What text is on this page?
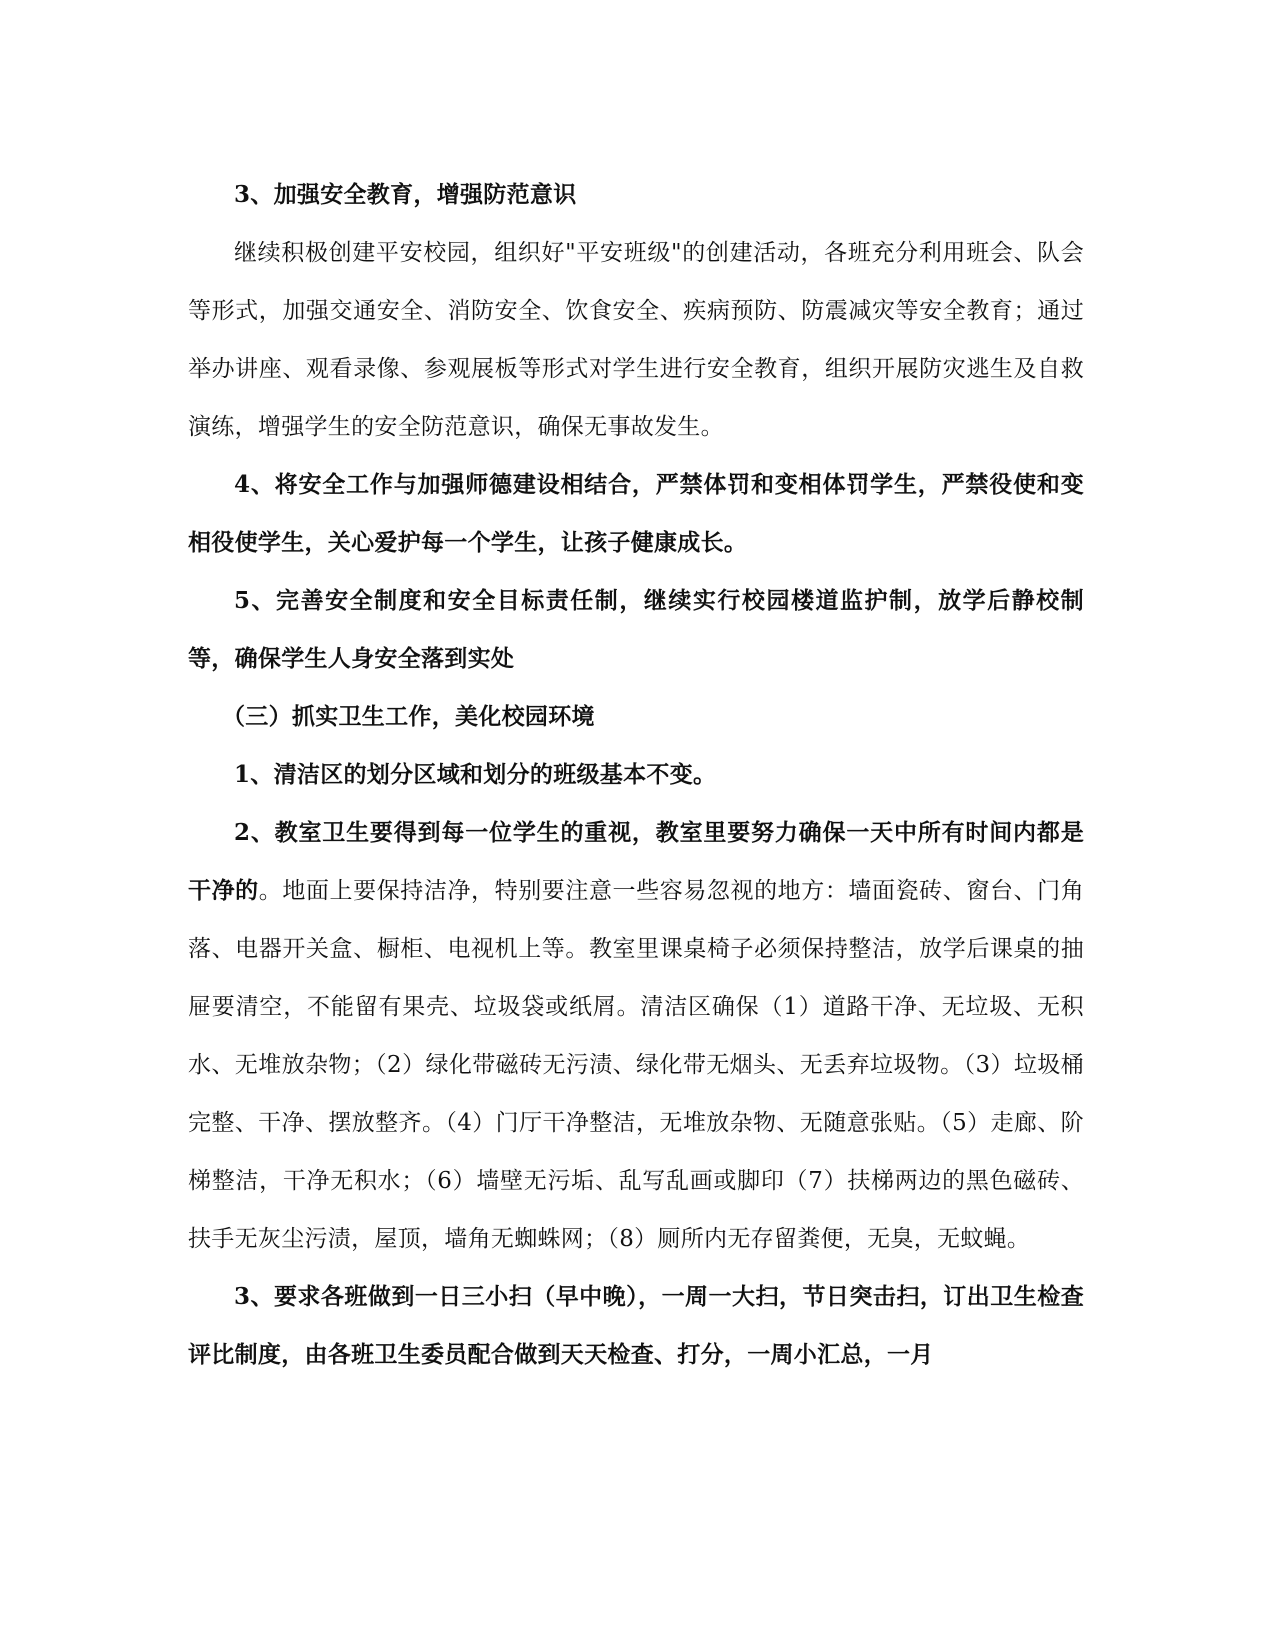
3、加强安全教育，增强防范意识

继续积极创建平安校园，组织好"平安班级"的创建活动，各班充分利用班会、队会等形式，加强交通安全、消防安全、饮食安全、疾病预防、防震减灾等安全教育；通过举办讲座、观看录像、参观展板等形式对学生进行安全教育，组织开展防灾逃生及自救演练，增强学生的安全防范意识，确保无事故发生。

4、将安全工作与加强师德建设相结合，严禁体罚和变相体罚学生，严禁役使和变相役使学生，关心爱护每一个学生，让孩子健康成长。

5、完善安全制度和安全目标责任制，继续实行校园楼道监护制，放学后静校制等，确保学生人身安全落到实处

（三）抓实卫生工作，美化校园环境

1、清洁区的划分区域和划分的班级基本不变。

2、教室卫生要得到每一位学生的重视，教室里要努力确保一天中所有时间内都是干净的。地面上要保持洁净，特别要注意一些容易忽视的地方：墙面瓷砖、窗台、门角落、电器开关盒、橱柜、电视机上等。教室里课桌椅子必须保持整洁，放学后课桌的抽屉要清空，不能留有果壳、垃圾袋或纸屑。清洁区确保（1）道路干净、无垃圾、无积水、无堆放杂物；（2）绿化带磁砖无污渍、绿化带无烟头、无丢弃垃圾物。（3）垃圾桶完整、干净、摆放整齐。（4）门厅干净整洁，无堆放杂物、无随意张贴。（5）走廊、阶梯整洁，干净无积水；（6）墙壁无污垢、乱写乱画或脚印（7）扶梯两边的黑色磁砖、扶手无灰尘污渍，屋顶，墙角无蜘蛛网；（8）厕所内无存留粪便，无臭，无蚊蝇。

3、要求各班做到一日三小扫（早中晚），一周一大扫，节日突击扫，订出卫生检查评比制度，由各班卫生委员配合做到天天检查、打分，一周小汇总，一月
